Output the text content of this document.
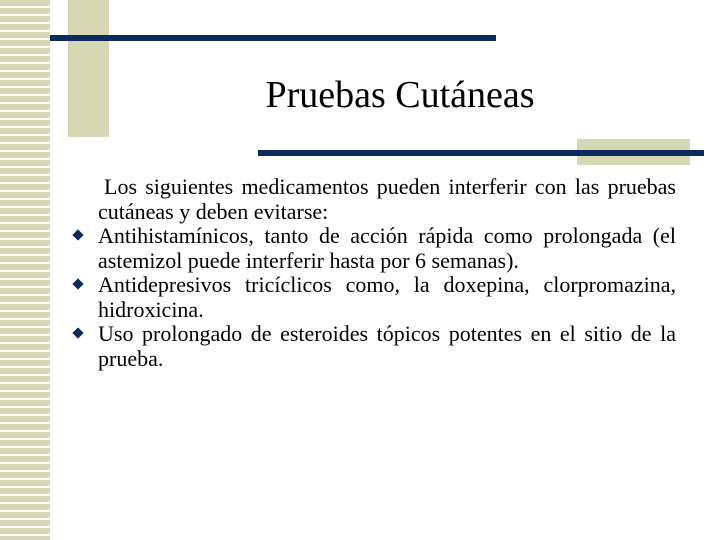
Pruebas Cutáneas

Los siguientes medicamentos pueden interferir con las pruebas cutáneas y deben evitarse:

Antihistamínicos, tanto de acción rápida como prolongada (el astemizol puede interferir hasta por 6 semanas).
Antidepresivos tricíclicos como, la doxepina, clorpromazina, hidroxicina.
Uso prolongado de esteroides tópicos potentes en el sitio de la prueba.
